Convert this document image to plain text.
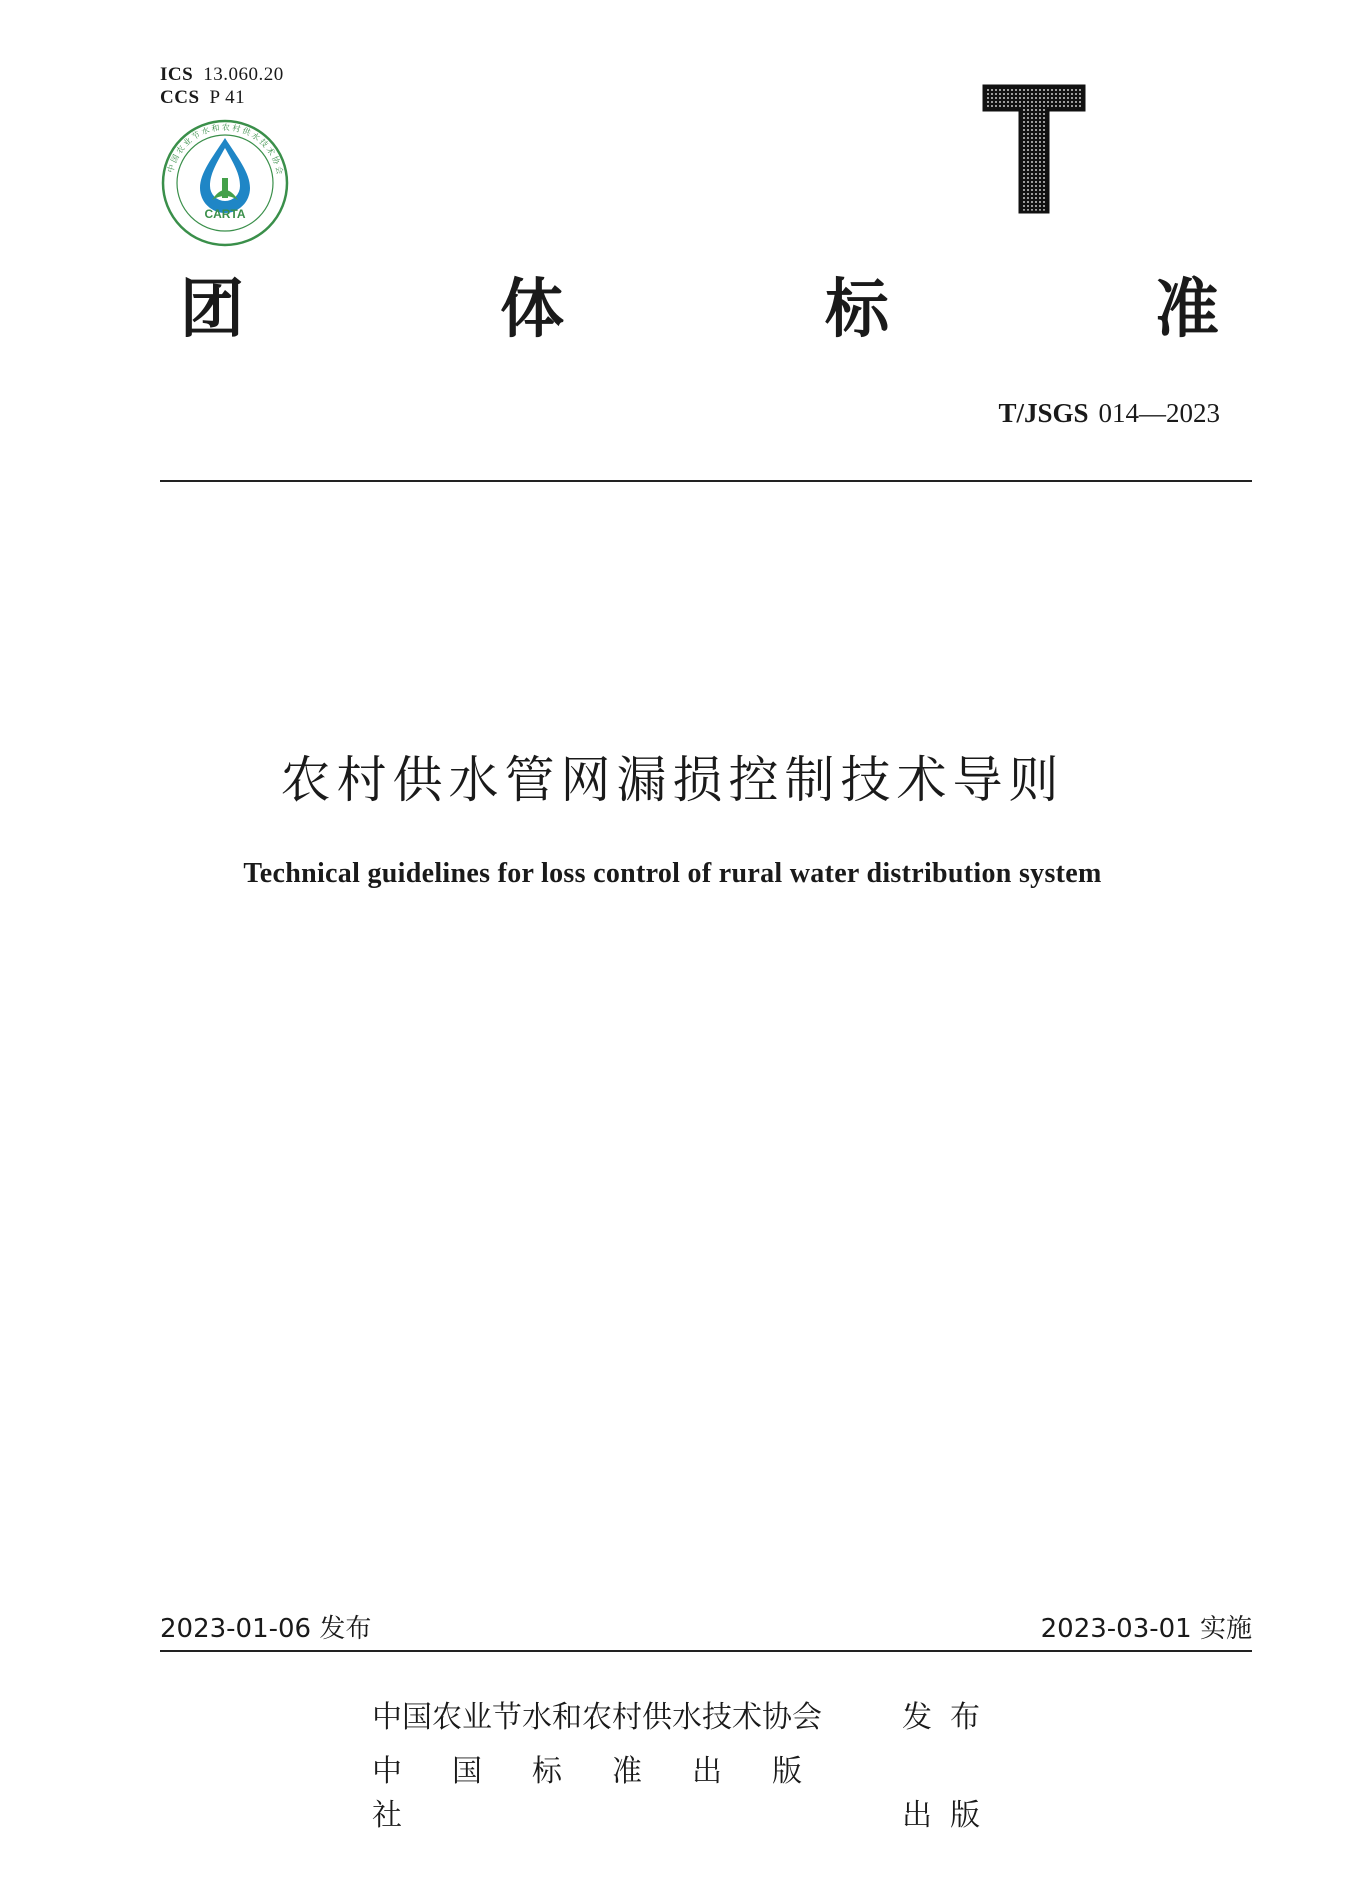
ICS 13.060.20
CCS P 41
中国农业节水和农村供水技术协会
CARTA
团	体	标	准
T/JSGS 014—2023
农村供水管网漏损控制技术导则
Technical guidelines for loss control of rural water distribution system
2023-01-06 发布	2023-03-01 实施
中国农业节水和农村供水技术协会	发布
中国标准出版社	出版
